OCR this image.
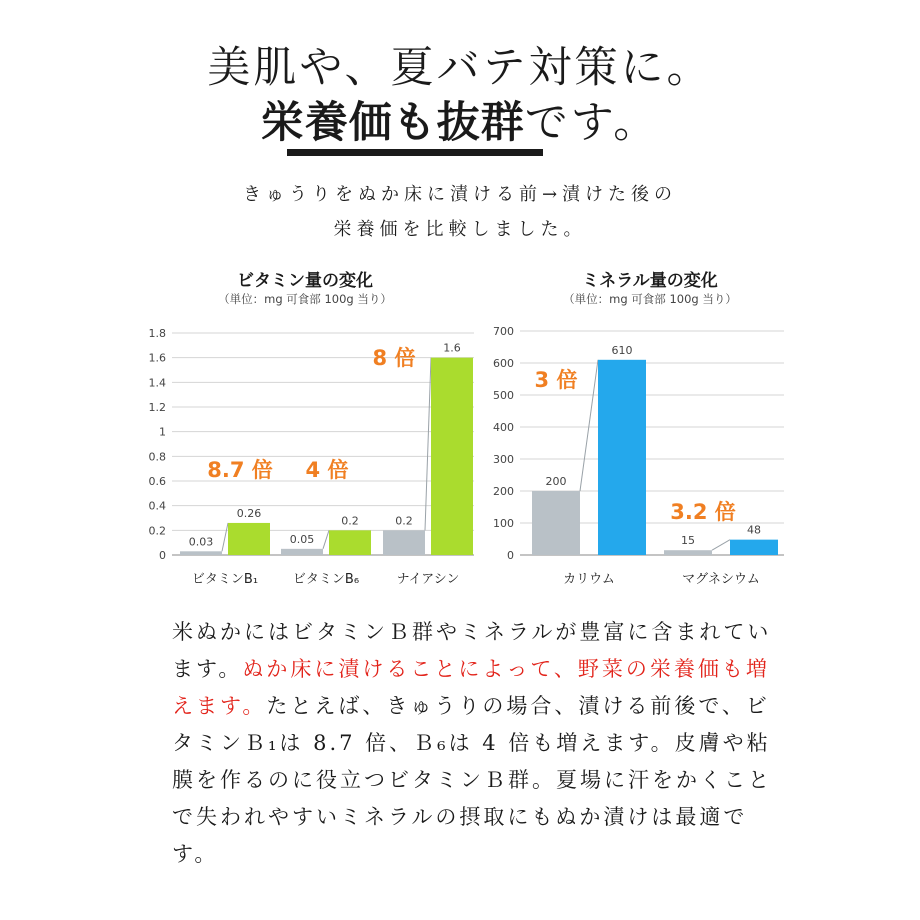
美肌や、夏バテ対策に。
栄養価も抜群です。
きゅうりをぬか床に漬ける前→漬けた後の
栄養価を比較しました。
ビタミン量の変化
（単位：mg 可食部 100g 当り）
ミネラル量の変化
（単位：mg 可食部 100g 当り）
0
0.2
0.4
0.6
0.8
1
1.2
1.4
1.6
1.8
0.03
0.26
ビタミンB₁
8.7 倍
0.05
0.2
ビタミンB₆
4 倍
0.2
1.6
ナイアシン
8 倍
0
100
200
300
400
500
600
700
200
610
カリウム
3 倍
15
48
マグネシウム
3.2 倍
米ぬかにはビタミンＢ群やミネラルが豊富に含まれています。ぬか床に漬けることによって、野菜の栄養価も増えます。たとえば、きゅうりの場合、漬ける前後で、ビタミンＢ₁は 8.7 倍、Ｂ₆は 4 倍も増えます。皮膚や粘膜を作るのに役立つビタミンＢ群。夏場に汗をかくことで失われやすいミネラルの摂取にもぬか漬けは最適です。
